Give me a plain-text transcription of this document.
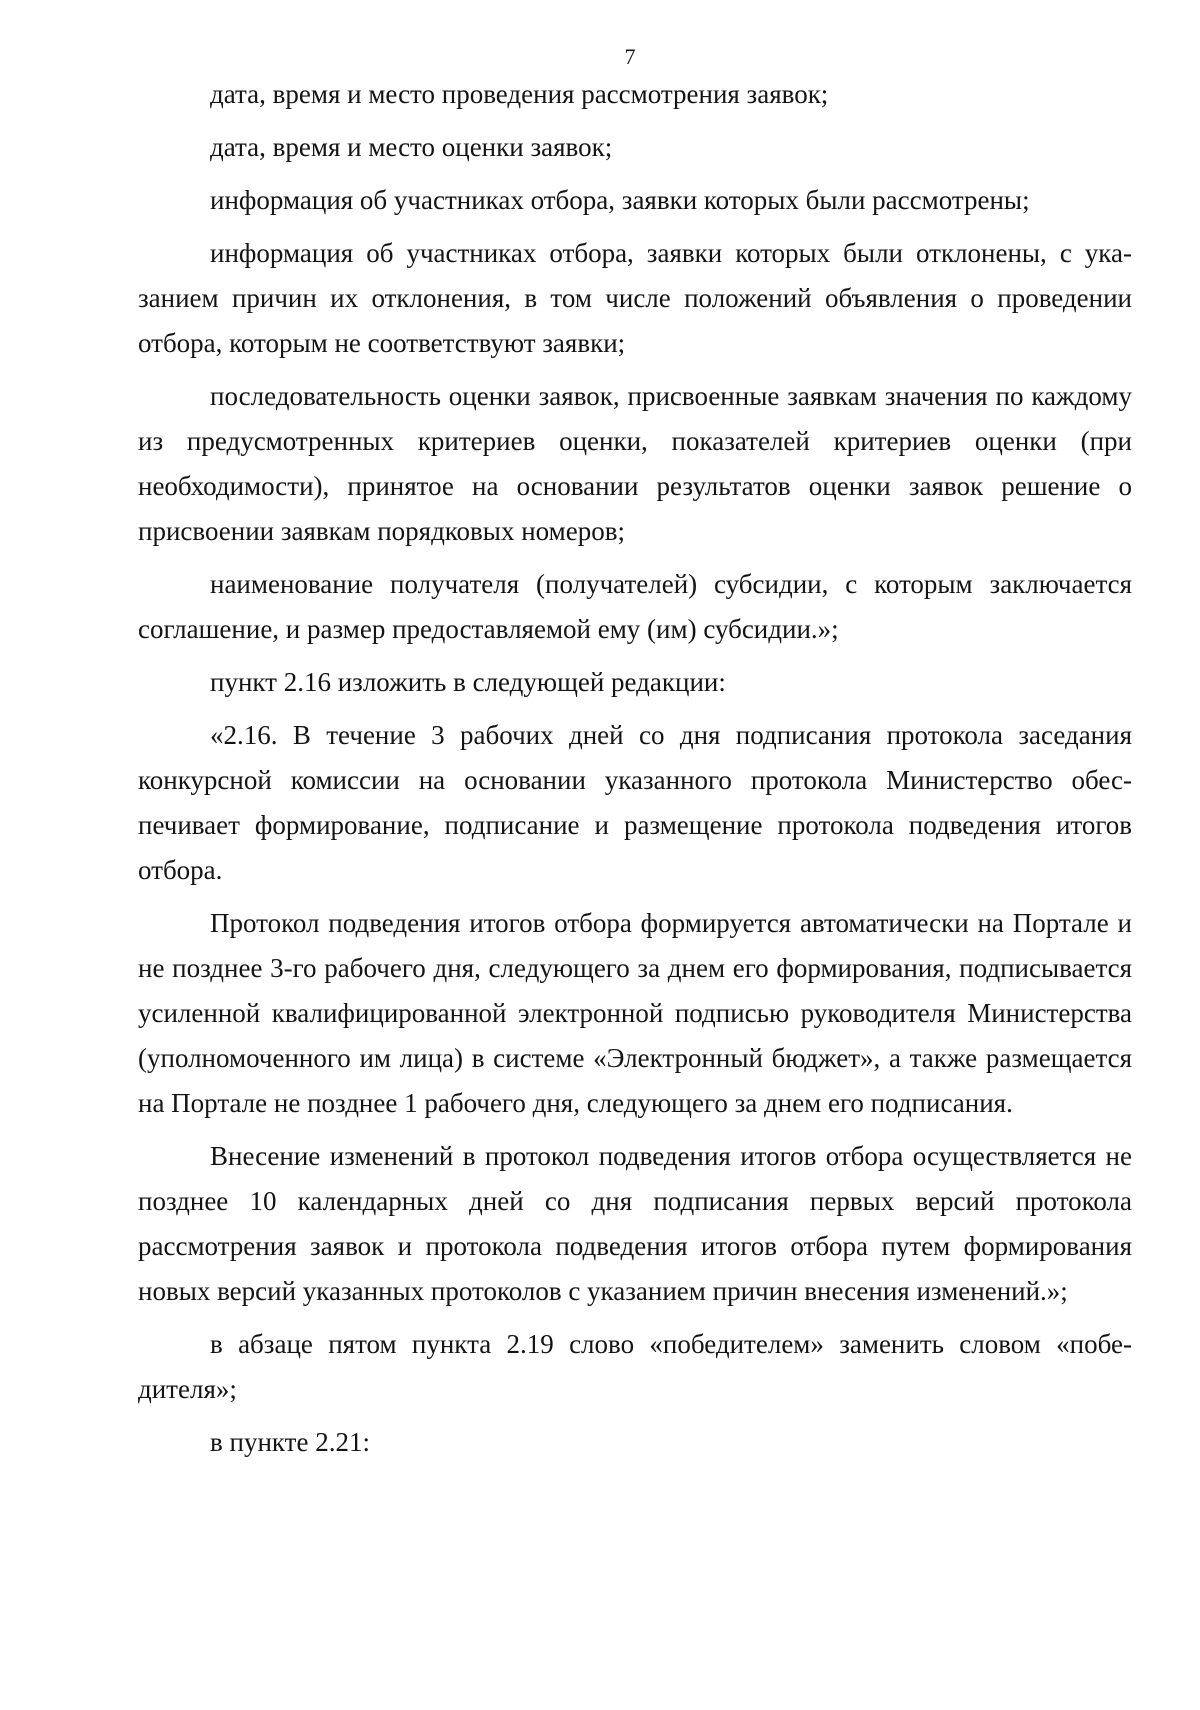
7

дата, время и место проведения рассмотрения заявок;

дата, время и место оценки заявок;

информация об участниках отбора, заявки которых были рассмотрены;

информация об участниках отбора, заявки которых были отклонены, с указанием причин их отклонения, в том числе положений объявления о проведении отбора, которым не соответствуют заявки;

последовательность оценки заявок, присвоенные заявкам значения по каждому из предусмотренных критериев оценки, показателей критериев оценки (при необходимости), принятое на основании результатов оценки заявок решение о присвоении заявкам порядковых номеров;

наименование получателя (получателей) субсидии, с которым заключается соглашение, и размер предоставляемой ему (им) субсидии.»;

пункт 2.16 изложить в следующей редакции:

«2.16. В течение 3 рабочих дней со дня подписания протокола заседания конкурсной комиссии на основании указанного протокола Министерство обеспечивает формирование, подписание и размещение протокола подведения итогов отбора.

Протокол подведения итогов отбора формируется автоматически на Портале и не позднее 3-го рабочего дня, следующего за днем его формирования, подписывается усиленной квалифицированной электронной подписью руководителя Министерства (уполномоченного им лица) в системе «Электронный бюджет», а также размещается на Портале не позднее 1 рабочего дня, следующего за днем его подписания.

Внесение изменений в протокол подведения итогов отбора осуществляется не позднее 10 календарных дней со дня подписания первых версий протокола рассмотрения заявок и протокола подведения итогов отбора путем формирования новых версий указанных протоколов с указанием причин внесения изменений.»;

в абзаце пятом пункта 2.19 слово «победителем» заменить словом «победителя»;

в пункте 2.21:
